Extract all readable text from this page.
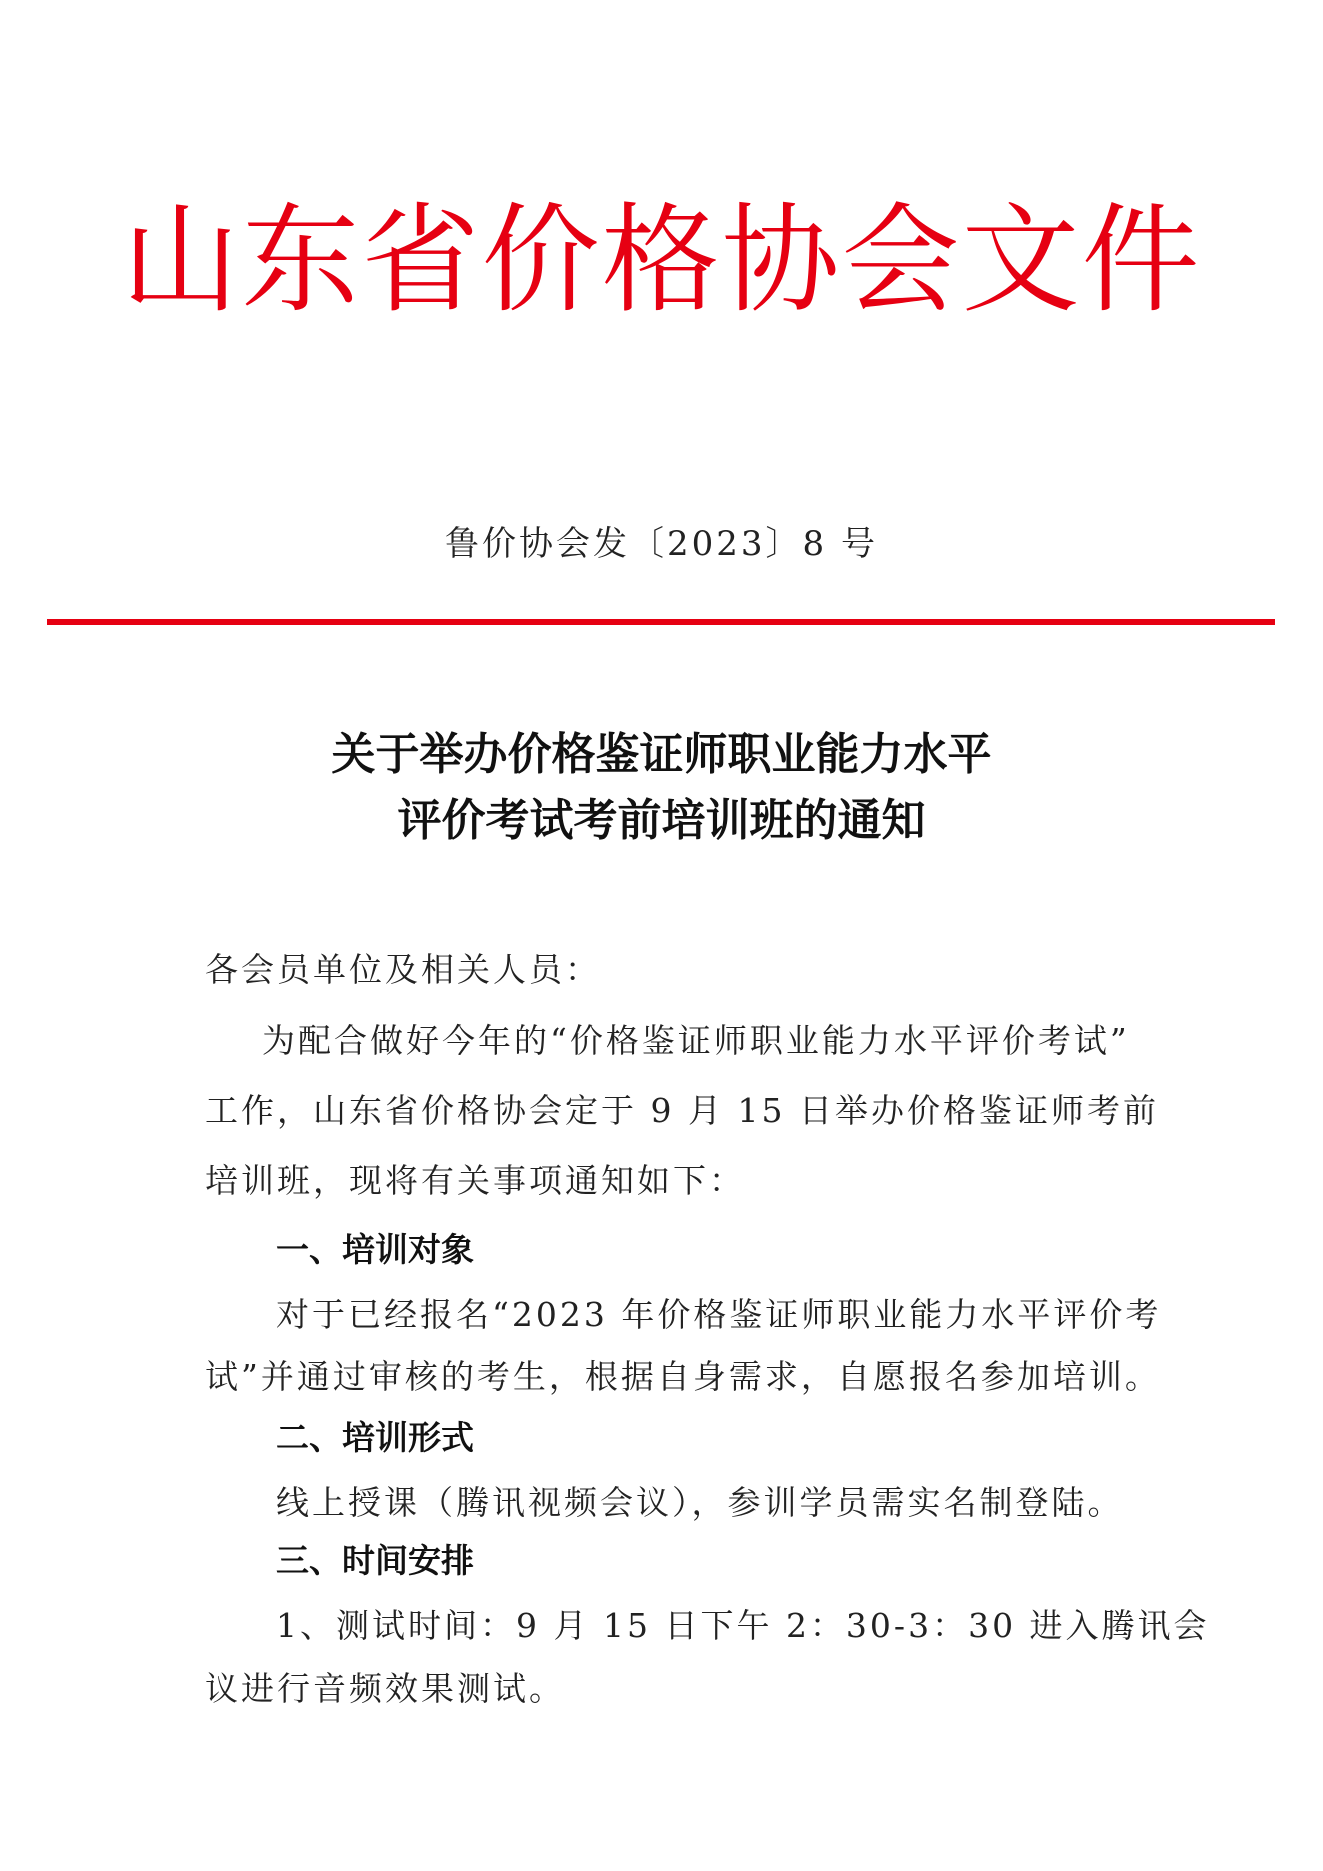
山东省价格协会文件
鲁价协会发〔2023〕8 号
关于举办价格鉴证师职业能力水平
评价考试考前培训班的通知
各会员单位及相关人员：
为配合做好今年的“价格鉴证师职业能力水平评价考试”
工作，山东省价格协会定于 9 月 15 日举办价格鉴证师考前
培训班，现将有关事项通知如下：
一、培训对象
对于已经报名“2023 年价格鉴证师职业能力水平评价考
试”并通过审核的考生，根据自身需求，自愿报名参加培训。
二、培训形式
线上授课（腾讯视频会议），参训学员需实名制登陆。
三、时间安排
1、测试时间：9 月 15 日下午 2：30-3：30 进入腾讯会
议进行音频效果测试。
